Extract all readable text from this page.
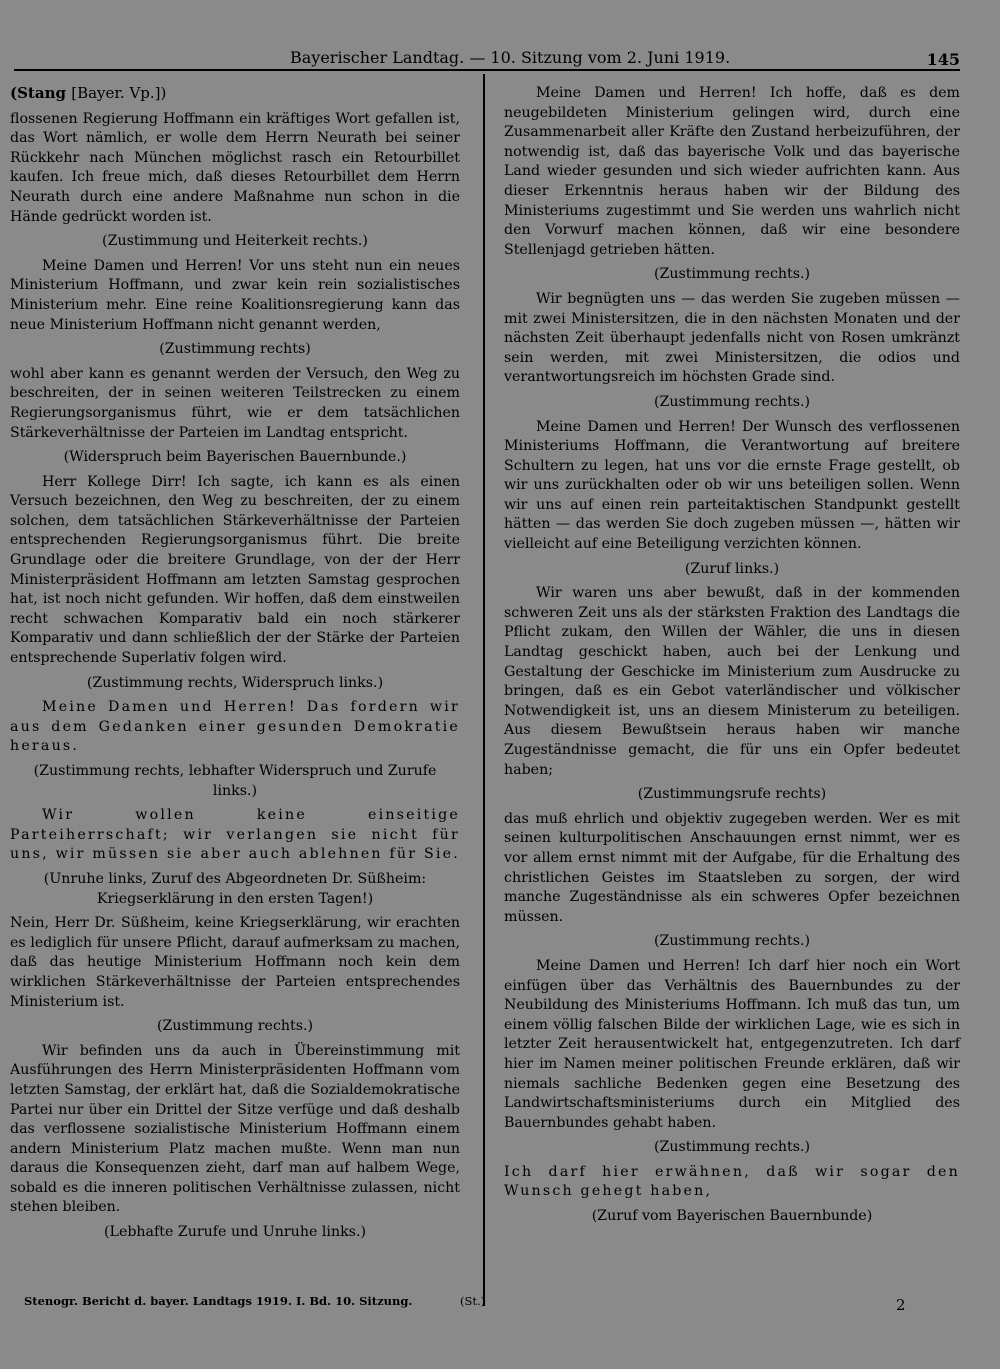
Bayerischer Landtag. — 10. Sitzung vom 2. Juni 1919.	145

(Stang [Bayer. Vp.])

flossenen Regierung Hoffmann ein kräftiges Wort gefallen ist, das Wort nämlich, er wolle dem Herrn Neurath bei seiner Rückkehr nach München möglichst rasch ein Retourbillet kaufen. Ich freue mich, daß dieses Retourbillet dem Herrn Neurath durch eine andere Maßnahme nun schon in die Hände gedrückt worden ist.

(Zustimmung und Heiterkeit rechts.)

Meine Damen und Herren! Vor uns steht nun ein neues Ministerium Hoffmann, und zwar kein rein sozialistisches Ministerium mehr. Eine reine Koalitionsregierung kann das neue Ministerium Hoffmann nicht genannt werden,

(Zustimmung rechts)

wohl aber kann es genannt werden der Versuch, den Weg zu beschreiten, der in seinen weiteren Teilstrecken zu einem Regierungsorganismus führt, wie er dem tatsächlichen Stärkeverhältnisse der Parteien im Landtag entspricht.

(Widerspruch beim Bayerischen Bauernbunde.)

Herr Kollege Dirr! Ich sagte, ich kann es als einen Versuch bezeichnen, den Weg zu beschreiten, der zu einem solchen, dem tatsächlichen Stärkeverhältnisse der Parteien entsprechenden Regierungsorganismus führt. Die breite Grundlage oder die breitere Grundlage, von der der Herr Ministerpräsident Hoffmann am letzten Samstag gesprochen hat, ist noch nicht gefunden. Wir hoffen, daß dem einstweilen recht schwachen Komparativ bald ein noch stärkerer Komparativ und dann schließlich der der Stärke der Parteien entsprechende Superlativ folgen wird.

(Zustimmung rechts, Widerspruch links.)

Meine Damen und Herren! Das fordern wir aus dem Gedanken einer gesunden Demokratie heraus.

(Zustimmung rechts, lebhafter Widerspruch und Zurufe links.)

Wir wollen keine einseitige Parteiherrschaft; wir verlangen sie nicht für uns, wir müssen sie aber auch ablehnen für Sie.

(Unruhe links, Zuruf des Abgeordneten Dr. Süßheim: Kriegserklärung in den ersten Tagen!)

Nein, Herr Dr. Süßheim, keine Kriegserklärung, wir erachten es lediglich für unsere Pflicht, darauf aufmerksam zu machen, daß das heutige Ministerium Hoffmann noch kein dem wirklichen Stärkeverhältnisse der Parteien entsprechendes Ministerium ist.

(Zustimmung rechts.)

Wir befinden uns da auch in Übereinstimmung mit Ausführungen des Herrn Ministerpräsidenten Hoffmann vom letzten Samstag, der erklärt hat, daß die Sozialdemokratische Partei nur über ein Drittel der Sitze verfüge und daß deshalb das verflossene sozialistische Ministerium Hoffmann einem andern Ministerium Platz machen mußte. Wenn man nun daraus die Konsequenzen zieht, darf man auf halbem Wege, sobald es die inneren politischen Verhältnisse zulassen, nicht stehen bleiben.

(Lebhafte Zurufe und Unruhe links.)

Meine Damen und Herren! Ich hoffe, daß es dem neugebildeten Ministerium gelingen wird, durch eine Zusammenarbeit aller Kräfte den Zustand herbeizuführen, der notwendig ist, daß das bayerische Volk und das bayerische Land wieder gesunden und sich wieder aufrichten kann. Aus dieser Erkenntnis heraus haben wir der Bildung des Ministeriums zugestimmt und Sie werden uns wahrlich nicht den Vorwurf machen können, daß wir eine besondere Stellenjagd getrieben hätten.

(Zustimmung rechts.)

Wir begnügten uns — das werden Sie zugeben müssen — mit zwei Ministersitzen, die in den nächsten Monaten und der nächsten Zeit überhaupt jedenfalls nicht von Rosen umkränzt sein werden, mit zwei Ministersitzen, die odios und verantwortungsreich im höchsten Grade sind.

(Zustimmung rechts.)

Meine Damen und Herren! Der Wunsch des verflossenen Ministeriums Hoffmann, die Verantwortung auf breitere Schultern zu legen, hat uns vor die ernste Frage gestellt, ob wir uns zurückhalten oder ob wir uns beteiligen sollen. Wenn wir uns auf einen rein parteitaktischen Standpunkt gestellt hätten — das werden Sie doch zugeben müssen —, hätten wir vielleicht auf eine Beteiligung verzichten können.

(Zuruf links.)

Wir waren uns aber bewußt, daß in der kommenden schweren Zeit uns als der stärksten Fraktion des Landtags die Pflicht zukam, den Willen der Wähler, die uns in diesen Landtag geschickt haben, auch bei der Lenkung und Gestaltung der Geschicke im Ministerium zum Ausdrucke zu bringen, daß es ein Gebot vaterländischer und völkischer Notwendigkeit ist, uns an diesem Ministerum zu beteiligen. Aus diesem Bewußtsein heraus haben wir manche Zugeständnisse gemacht, die für uns ein Opfer bedeutet haben;

(Zustimmungsrufe rechts)

das muß ehrlich und objektiv zugegeben werden. Wer es mit seinen kulturpolitischen Anschauungen ernst nimmt, wer es vor allem ernst nimmt mit der Aufgabe, für die Erhaltung des christlichen Geistes im Staatsleben zu sorgen, der wird manche Zugeständnisse als ein schweres Opfer bezeichnen müssen.

(Zustimmung rechts.)

Meine Damen und Herren! Ich darf hier noch ein Wort einfügen über das Verhältnis des Bauernbundes zu der Neubildung des Ministeriums Hoffmann. Ich muß das tun, um einem völlig falschen Bilde der wirklichen Lage, wie es sich in letzter Zeit herausentwickelt hat, entgegenzutreten. Ich darf hier im Namen meiner politischen Freunde erklären, daß wir niemals sachliche Bedenken gegen eine Besetzung des Landwirtschaftsministeriums durch ein Mitglied des Bauernbundes gehabt haben.

(Zustimmung rechts.)

Ich darf hier erwähnen, daß wir sogar den Wunsch gehegt haben,

(Zuruf vom Bayerischen Bauernbunde)

Stenogr. Bericht d. bayer. Landtags 1919. I. Bd. 10. Sitzung.	(St.)	2
